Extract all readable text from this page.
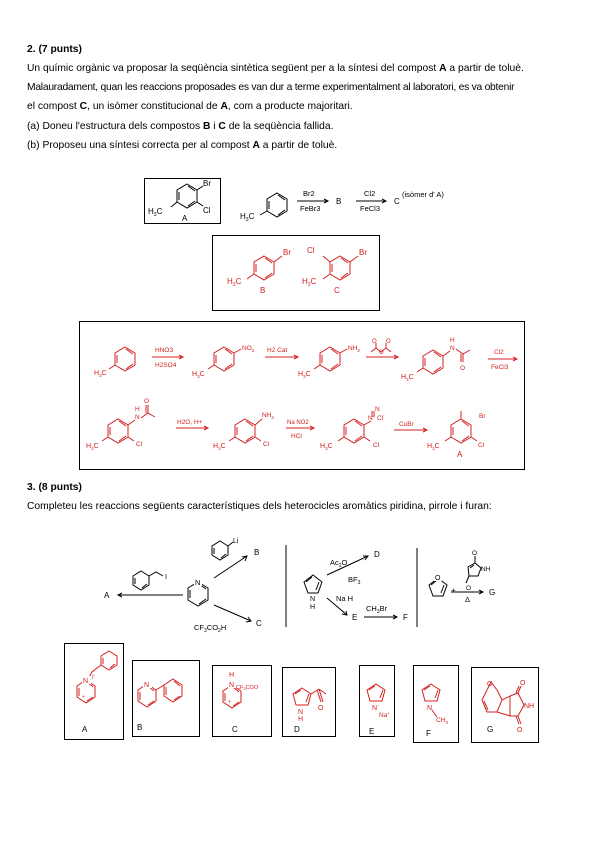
2. (7 punts)
Un químic orgànic va proposar la seqüència sintètica següent per a la síntesi del compost A a partir de toluè.
Malauradament, quan les reaccions proposades es van dur a terme experimentalment al laboratori, es va obtenir
el compost C, un isòmer constitucional de A, com a producte majoritari.
(a) Doneu l'estructura dels compostos B i C de la seqüència fallida.
(b) Proposeu una síntesi correcta per al compost A a partir de toluè.
Br
Cl
$H_3C$
A	$H_3C$
Br2
FeBr3
B
Cl2
FeCl3
C
(isòmer d' A)
Br
$H_3C$
B
Br
Cl
$H_3C$
C
$H_3C$
HNO3
H2SO4
$NO_2$
$H_3C$
H2 Cat	$NH_2$
$H_3C$
O
O
O
N
H
O
$H_3C$
Cl2
FeCl3
N
H
O
Cl
$H_3C$
H2O, H+
$NH_2$
Cl
$H_3C$
Na NO2
HCl
N
N
Cl-
Cl
$H_3C$
CuBr
Br
Cl
$H_3C$
A
3. (8 punts)
Completeu les reaccions següents característiques dels heterocicles aromàtics piridina, pirrole i furan:
N
Li
B
$CF_3CO_2H$	C
I
A	N
H
$Ac_2O$
$BF_3$
D
Na H
E
$CH_3Br$
F
O
+
O
NH
O
Δ
G
N I-
+
A
N
B
N
H
CF3COO-
+
C
O
N
H
D
N -
Na+
E
N
$CH_3$
F
O	O
NH
O
G
